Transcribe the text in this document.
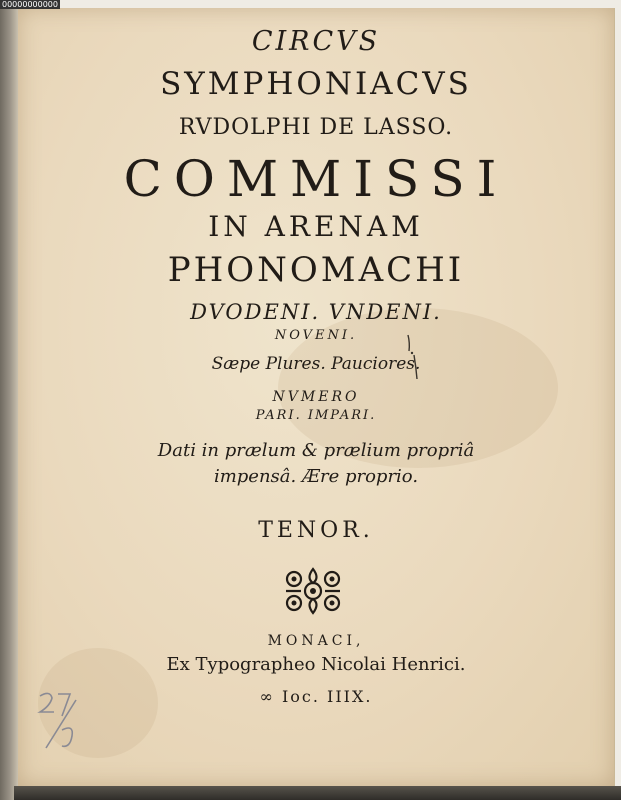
00000000000
CIRCVS
SYMPHONIACVS
RVDOLPHI DE LASSO.
COMMISSI
IN ARENAM
PHONOMACHI
DVODENI. VNDENI.
NOVENI.
Sæpe Plures. Pauciores.
NVMERO
PARI. IMPARI.
Dati in prælum & prælium propriâ
impensâ. Ære proprio.
TENOR.
MONACI,
Ex Typographeo Nicolai Henrici.
∞ Ioc. IIIX.
